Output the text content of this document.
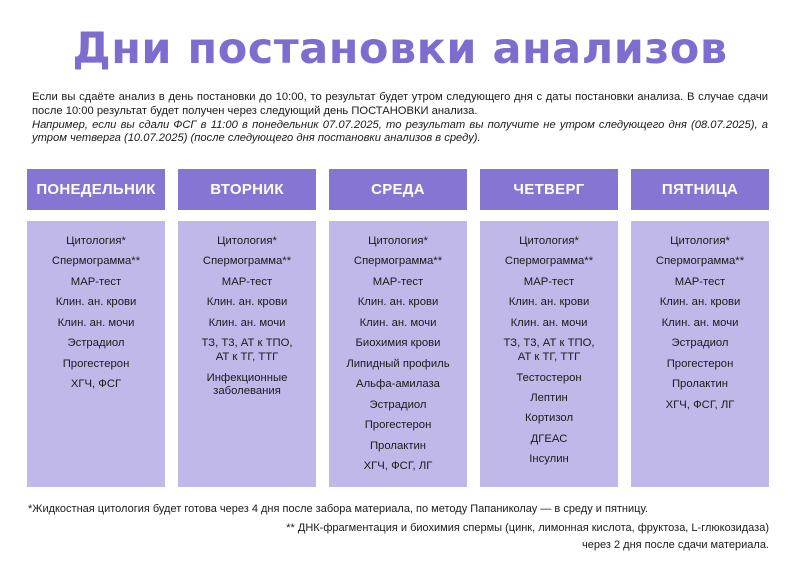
Дни постановки анализов

Если вы сдаёте анализ в день постановки до 10:00, то результат будет утром следующего дня с даты постановки анализа. В случае сдачи после 10:00 результат будет получен через следующий день ПОСТАНОВКИ анализа.

Например, если вы сдали ФСГ в 11:00 в понедельник 07.07.2025, то результат вы получите не утром следующего дня (08.07.2025), а утром четверга (10.07.2025) (после следующего дня постановки анализов в среду).

ПОНЕДЕЛЬНИК
Цитология*
Спермограмма**
MAP-тест
Клин. ан. крови
Клин. ан. мочи
Эстрадиол
Прогестерон
ХГЧ, ФСГ
ВТОРНИК
Цитология*
Спермограмма**
MAP-тест
Клин. ан. крови
Клин. ан. мочи
ТЗ, Т3, АТ к ТПО,
АТ к ТГ, ТТГ
Инфекционные
заболевания
СРЕДА
Цитология*
Спермограмма**
MAP-тест
Клин. ан. крови
Клин. ан. мочи
Биохимия крови
Липидный профиль
Альфа-амилаза
Эстрадиол
Прогестерон
Пролактин
ХГЧ, ФСГ, ЛГ
ЧЕТВЕРГ
Цитология*
Спермограмма**
MAP-тест
Клин. ан. крови
Клин. ан. мочи
ТЗ, Т3, АТ к ТПО,
АТ к ТГ, ТТГ
Тестостерон
Лептин
Кортизол
ДГЕАС
Інсулин
ПЯТНИЦА
Цитология*
Спермограмма**
MAP-тест
Клин. ан. крови
Клин. ан. мочи
Эстрадиол
Прогестерон
Пролактин
ХГЧ, ФСГ, ЛГ
*Жидкостная цитология будет готова через 4 дня после забора материала, по методу Папаниколау — в среду и пятницу.
** ДНК-фрагментация и биохимия спермы (цинк, лимонная кислота, фруктоза, L-глюкозидаза)
через 2 дня после сдачи материала.
